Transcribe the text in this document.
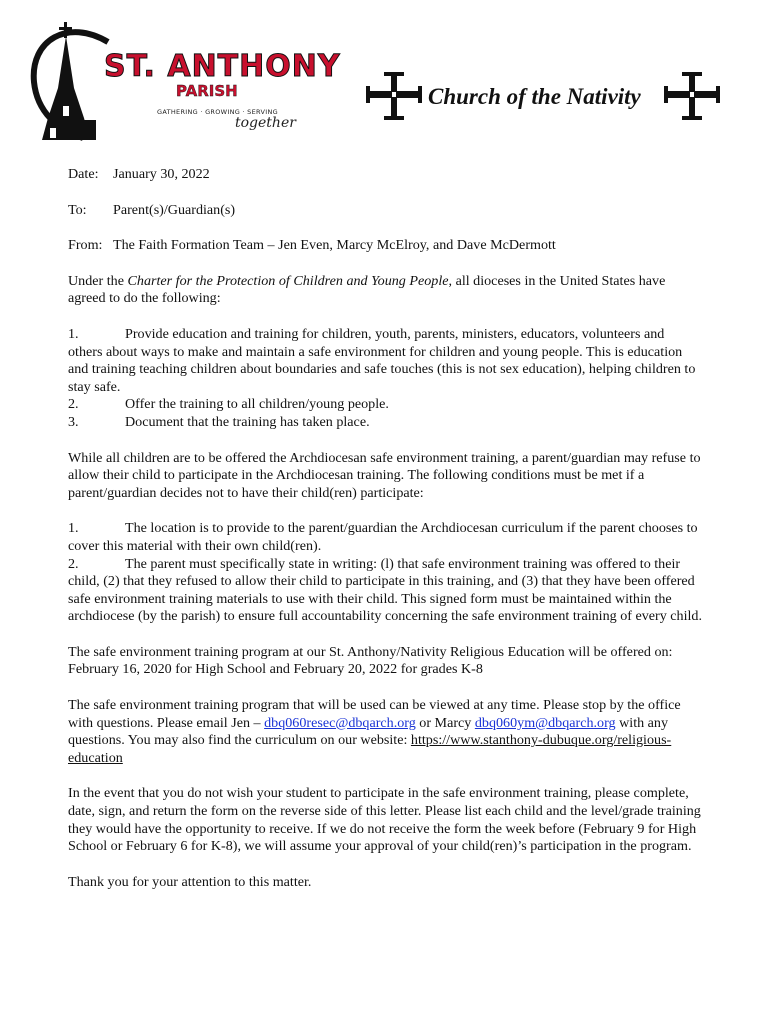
ST. ANTHONY
PARISH
GATHERING · GROWING · SERVING
together
Church of the Nativity
Date: January 30, 2022
To: Parent(s)/Guardian(s)
From: The Faith Formation Team – Jen Even, Marcy McElroy, and Dave McDermott

Under the Charter for the Protection of Children and Young People, all dioceses in the United States have agreed to do the following:

1.	Provide education and training for children, youth, parents, ministers, educators, volunteers and others about ways to make and maintain a safe environment for children and young people. This is education and training teaching children about boundaries and safe touches (this is not sex education), helping children to stay safe.

2.	Offer the training to all children/young people.

3.	Document that the training has taken place.

While all children are to be offered the Archdiocesan safe environment training, a parent/guardian may refuse to allow their child to participate in the Archdiocesan training. The following conditions must be met if a parent/guardian decides not to have their child(ren) participate:

1.	The location is to provide to the parent/guardian the Archdiocesan curriculum if the parent chooses to cover this material with their own child(ren).

2.	The parent must specifically state in writing: (l) that safe environment training was offered to their child, (2) that they refused to allow their child to participate in this training, and (3) that they have been offered safe environment training materials to use with their child. This signed form must be maintained within the archdiocese (by the parish) to ensure full accountability concerning the safe environment training of every child.

The safe environment training program at our St. Anthony/Nativity Religious Education will be offered on: February 16, 2020 for High School and February 20, 2022 for grades K-8

The safe environment training program that will be used can be viewed at any time. Please stop by the office with questions. Please email Jen – dbq060resec@dbqarch.org or Marcy dbq060ym@dbqarch.org with any questions. You may also find the curriculum on our website: https://www.stanthony-dubuque.org/religious-education

In the event that you do not wish your student to participate in the safe environment training, please complete, date, sign, and return the form on the reverse side of this letter. Please list each child and the level/grade training they would have the opportunity to receive. If we do not receive the form the week before (February 9 for High School or February 6 for K-8), we will assume your approval of your child(ren)’s participation in the program.

Thank you for your attention to this matter.
